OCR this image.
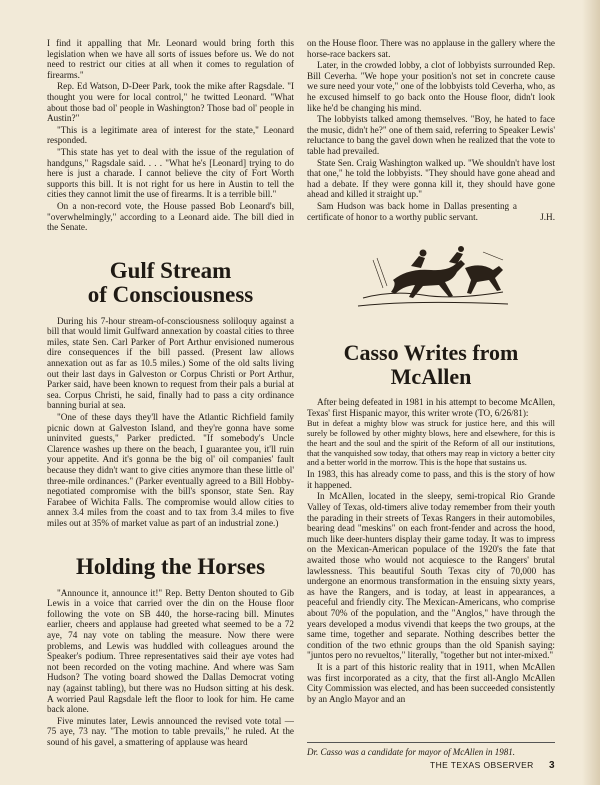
I find it appalling that Mr. Leonard would bring forth this legislation when we have all sorts of issues before us. We do not need to restrict our cities at all when it comes to regulation of firearms."

Rep. Ed Watson, D-Deer Park, took the mike after Ragsdale. "I thought you were for local control," he twitted Leonard. "What about those bad ol' people in Washington? Those bad ol' people in Austin?"

"This is a legitimate area of interest for the state," Leonard responded.

"This state has yet to deal with the issue of the regulation of handguns," Ragsdale said. . . . "What he's [Leonard] trying to do here is just a charade. I cannot believe the city of Fort Worth supports this bill. It is not right for us here in Austin to tell the cities they cannot limit the use of firearms. It is a terrible bill."

On a non-record vote, the House passed Bob Leonard's bill, "overwhelmingly," according to a Leonard aide. The bill died in the Senate.

Gulf Stream
of Consciousness

During his 7-hour stream-of-consciousness soliloquy against a bill that would limit Gulfward annexation by coastal cities to three miles, state Sen. Carl Parker of Port Arthur envisioned numerous dire consequences if the bill passed. (Present law allows annexation out as far as 10.5 miles.) Some of the old salts living out their last days in Galveston or Corpus Christi or Port Arthur, Parker said, have been known to request from their pals a burial at sea. Corpus Christi, he said, finally had to pass a city ordinance banning burial at sea.

"One of these days they'll have the Atlantic Richfield family picnic down at Galveston Island, and they're gonna have some uninvited guests," Parker predicted. "If somebody's Uncle Clarence washes up there on the beach, I guarantee you, it'll ruin your appetite. And it's gonna be the big ol' oil companies' fault because they didn't want to give cities anymore than these little ol' three-mile ordinances." (Parker eventually agreed to a Bill Hobby-negotiated compromise with the bill's sponsor, state Sen. Ray Farabee of Wichita Falls. The compromise would allow cities to annex 3.4 miles from the coast and to tax from 3.4 miles to five miles out at 35% of market value as part of an industrial zone.)

Holding the Horses

"Announce it, announce it!" Rep. Betty Denton shouted to Gib Lewis in a voice that carried over the din on the House floor following the vote on SB 440, the horse-racing bill. Minutes earlier, cheers and applause had greeted what seemed to be a 72 aye, 74 nay vote on tabling the measure. Now there were problems, and Lewis was huddled with colleagues around the Speaker's podium. Three representatives said their aye votes had not been recorded on the voting machine. And where was Sam Hudson? The voting board showed the Dallas Democrat voting nay (against tabling), but there was no Hudson sitting at his desk. A worried Paul Ragsdale left the floor to look for him. He came back alone.

Five minutes later, Lewis announced the revised vote total — 75 aye, 73 nay. "The motion to table prevails," he ruled. At the sound of his gavel, a smattering of applause was heard

on the House floor. There was no applause in the gallery where the horse-race backers sat.

Later, in the crowded lobby, a clot of lobbyists surrounded Rep. Bill Ceverha. "We hope your position's not set in concrete cause we sure need your vote," one of the lobbyists told Ceverha, who, as he excused himself to go back onto the House floor, didn't look like he'd be changing his mind.

The lobbyists talked among themselves. "Boy, he hated to face the music, didn't he?" one of them said, referring to Speaker Lewis' reluctance to bang the gavel down when he realized that the vote to table had prevailed.

State Sen. Craig Washington walked up. "We shouldn't have lost that one," he told the lobbyists. "They should have gone ahead and had a debate. If they were gonna kill it, they should have gone ahead and killed it straight up."

Sam Hudson was back home in Dallas presenting a certificate of honor to a worthy public servant.	J.H.

Casso Writes from McAllen

After being defeated in 1981 in his attempt to become McAllen, Texas' first Hispanic mayor, this writer wrote (TO, 6/26/81):

But in defeat a mighty blow was struck for justice here, and this will surely be followed by other mighty blows, here and elsewhere, for this is the heart and the soul and the spirit of the Reform of all our institutions, that the vanquished sow today, that others may reap in victory a better city and a better world in the morrow. This is the hope that sustains us.

In 1983, this has already come to pass, and this is the story of how it happened.

In McAllen, located in the sleepy, semi-tropical Rio Grande Valley of Texas, old-timers alive today remember from their youth the parading in their streets of Texas Rangers in their automobiles, bearing dead "meskins" on each front-fender and across the hood, much like deer-hunters display their game today. It was to impress on the Mexican-American populace of the 1920's the fate that awaited those who would not acquiesce to the Rangers' brutal lawlessness. This beautiful South Texas city of 70,000 has undergone an enormous transformation in the ensuing sixty years, as have the Rangers, and is today, at least in appearances, a peaceful and friendly city. The Mexican-Americans, who comprise about 70% of the population, and the "Anglos," have through the years developed a modus vivendi that keeps the two groups, at the same time, together and separate. Nothing describes better the condition of the two ethnic groups than the old Spanish saying: "juntos pero no revueltos," literally, "together but not inter-mixed."

It is a part of this historic reality that in 1911, when McAllen was first incorporated as a city, that the first all-Anglo McAllen City Commission was elected, and has been succeeded consistently by an Anglo Mayor and an

Dr. Casso was a candidate for mayor of McAllen in 1981.
THE TEXAS OBSERVER 3
